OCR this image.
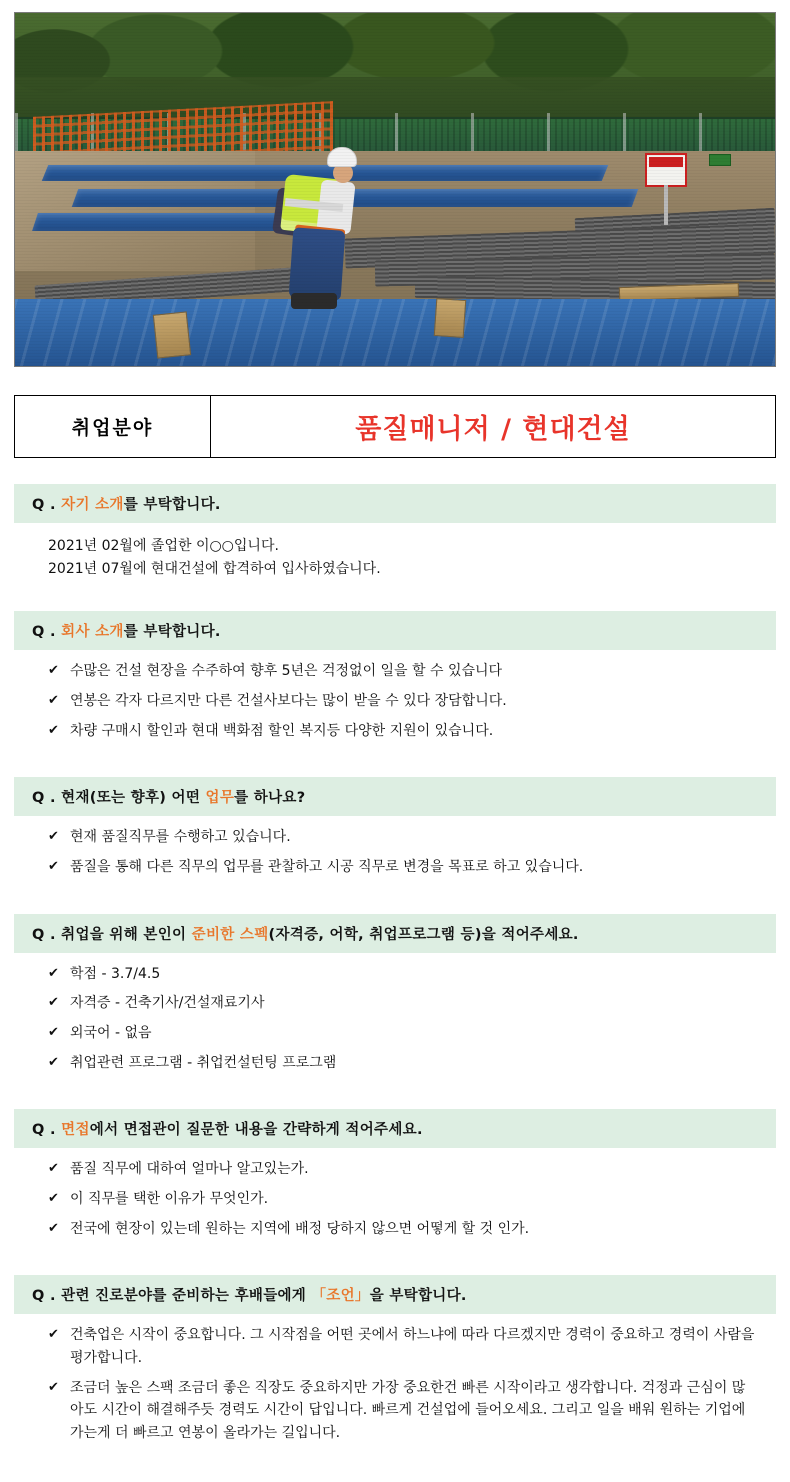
취업분야	품질매니저 / 현대건설
Q . 자기 소개를 부탁합니다.
2021년 02월에 졸업한 이○○입니다.
2021년 07월에 현대건설에 합격하여 입사하였습니다.
Q . 회사 소개를 부탁합니다.
✔ 수많은 건설 현장을 수주하여 향후 5년은 걱정없이 일을 할 수 있습니다
✔ 연봉은 각자 다르지만 다른 건설사보다는 많이 받을 수 있다 장담합니다.
✔ 차량 구매시 할인과 현대 백화점 할인 복지등 다양한 지원이 있습니다.
Q . 현재(또는 향후) 어떤 업무를 하나요?
✔ 현재 품질직무를 수행하고 있습니다.
✔ 품질을 통해 다른 직무의 업무를 관찰하고 시공 직무로 변경을 목표로 하고 있습니다.
Q . 취업을 위해 본인이 준비한 스펙(자격증, 어학, 취업프로그램 등)을 적어주세요.
✔ 학점 - 3.7/4.5
✔ 자격증 - 건축기사/건설재료기사
✔ 외국어 - 없음
✔ 취업관련 프로그램 - 취업컨설턴팅 프로그램
Q . 면접에서 면접관이 질문한 내용을 간략하게 적어주세요.
✔ 품질 직무에 대하여 얼마나 알고있는가.
✔ 이 직무를 택한 이유가 무엇인가.
✔ 전국에 현장이 있는데 원하는 지역에 배정 당하지 않으면 어떻게 할 것 인가.
Q . 관련 진로분야를 준비하는 후배들에게 「조언」을 부탁합니다.
✔ 건축업은 시작이 중요합니다. 그 시작점을 어떤 곳에서 하느냐에 따라 다르겠지만 경력이 중요하고 경력이 사람을 평가합니다.
✔ 조금더 높은 스팩 조금더 좋은 직장도 중요하지만 가장 중요한건 빠른 시작이라고 생각합니다. 걱정과 근심이 많아도 시간이 해결해주듯 경력도 시간이 답입니다. 빠르게 건설업에 들어오세요. 그리고 일을 배워 원하는 기업에 가는게 더 빠르고 연봉이 올라가는 길입니다.
